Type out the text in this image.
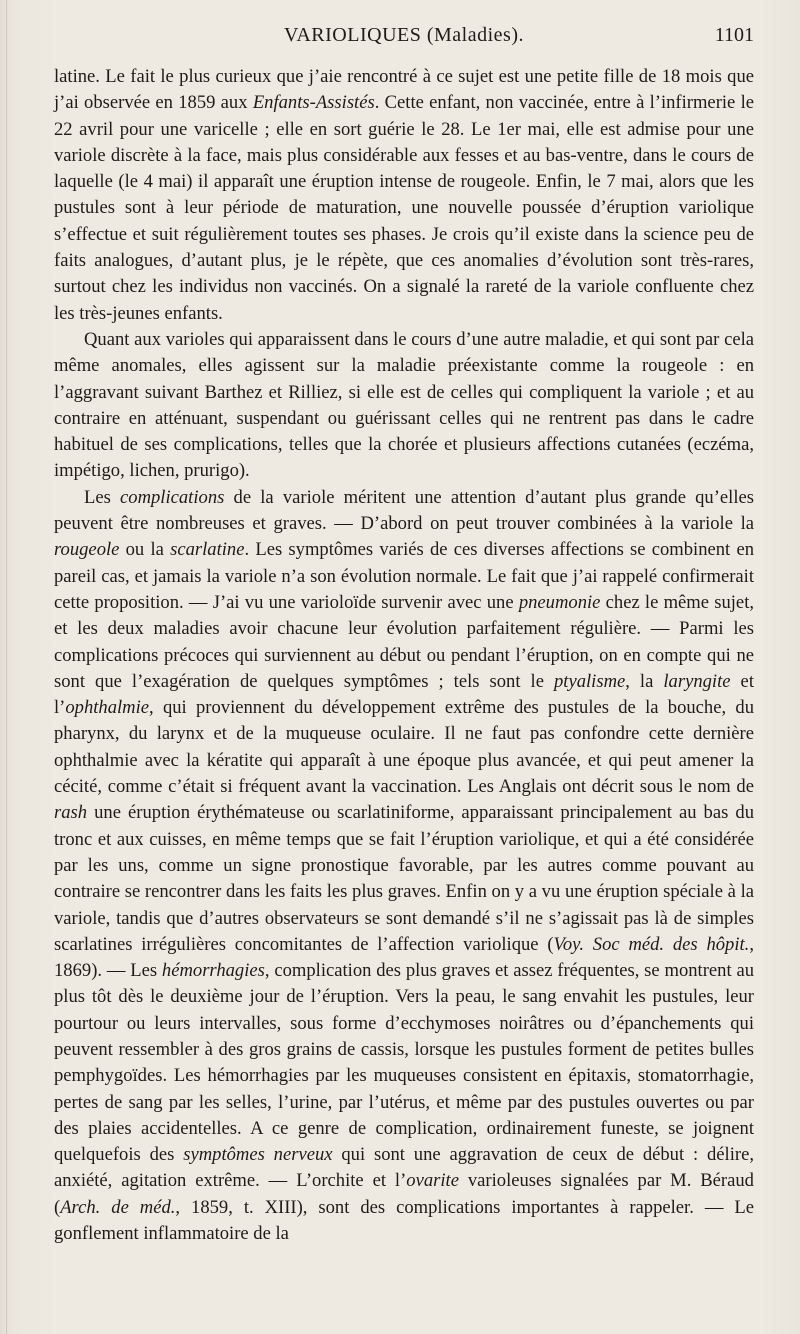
VARIOLIQUES (Maladies).	1101

latine. Le fait le plus curieux que j’aie rencontré à ce sujet est une petite fille de 18 mois que j’ai observée en 1859 aux Enfants-Assistés. Cette enfant, non vaccinée, entre à l’infirmerie le 22 avril pour une varicelle ; elle en sort guérie le 28. Le 1er mai, elle est admise pour une variole discrète à la face, mais plus considérable aux fesses et au bas-ventre, dans le cours de laquelle (le 4 mai) il apparaît une éruption intense de rougeole. Enfin, le 7 mai, alors que les pustules sont à leur période de maturation, une nouvelle poussée d’éruption variolique s’effectue et suit régulièrement toutes ses phases. Je crois qu’il existe dans la science peu de faits analogues, d’autant plus, je le répète, que ces anomalies d’évolution sont très-rares, surtout chez les individus non vaccinés. On a signalé la rareté de la variole confluente chez les très-jeunes enfants.

Quant aux varioles qui apparaissent dans le cours d’une autre maladie, et qui sont par cela même anomales, elles agissent sur la maladie préexistante comme la rougeole : en l’aggravant suivant Barthez et Rilliez, si elle est de celles qui compliquent la variole ; et au contraire en atténuant, suspendant ou guérissant celles qui ne rentrent pas dans le cadre habituel de ses complications, telles que la chorée et plusieurs affections cutanées (eczéma, impétigo, lichen, prurigo).

Les complications de la variole méritent une attention d’autant plus grande qu’elles peuvent être nombreuses et graves. — D’abord on peut trouver combinées à la variole la rougeole ou la scarlatine. Les symptômes variés de ces diverses affections se combinent en pareil cas, et jamais la variole n’a son évolution normale. Le fait que j’ai rappelé confirmerait cette proposition. — J’ai vu une varioloïde survenir avec une pneumonie chez le même sujet, et les deux maladies avoir chacune leur évolution parfaitement régulière. — Parmi les complications précoces qui surviennent au début ou pendant l’éruption, on en compte qui ne sont que l’exagération de quelques symptômes ; tels sont le ptyalisme, la laryngite et l’ophthalmie, qui proviennent du développement extrême des pustules de la bouche, du pharynx, du larynx et de la muqueuse oculaire. Il ne faut pas confondre cette dernière ophthalmie avec la kératite qui apparaît à une époque plus avancée, et qui peut amener la cécité, comme c’était si fréquent avant la vaccination. Les Anglais ont décrit sous le nom de rash une éruption érythémateuse ou scarlatiniforme, apparaissant principalement au bas du tronc et aux cuisses, en même temps que se fait l’éruption variolique, et qui a été considérée par les uns, comme un signe pronostique favorable, par les autres comme pouvant au contraire se rencontrer dans les faits les plus graves. Enfin on y a vu une éruption spéciale à la variole, tandis que d’autres observateurs se sont demandé s’il ne s’agissait pas là de simples scarlatines irrégulières concomitantes de l’affection variolique (Voy. Soc méd. des hôpit., 1869). — Les hémorrhagies, complication des plus graves et assez fréquentes, se montrent au plus tôt dès le deuxième jour de l’éruption. Vers la peau, le sang envahit les pustules, leur pourtour ou leurs intervalles, sous forme d’ecchymoses noirâtres ou d’épanchements qui peuvent ressembler à des gros grains de cassis, lorsque les pustules forment de petites bulles pemphygoïdes. Les hémorrhagies par les muqueuses consistent en épitaxis, stomatorrhagie, pertes de sang par les selles, l’urine, par l’utérus, et même par des pustules ouvertes ou par des plaies accidentelles. A ce genre de complication, ordinairement funeste, se joignent quelquefois des symptômes nerveux qui sont une aggravation de ceux de début : délire, anxiété, agitation extrême. — L’orchite et l’ovarite varioleuses signalées par M. Béraud (Arch. de méd., 1859, t. XIII), sont des complications importantes à rappeler. — Le gonflement inflammatoire de la
